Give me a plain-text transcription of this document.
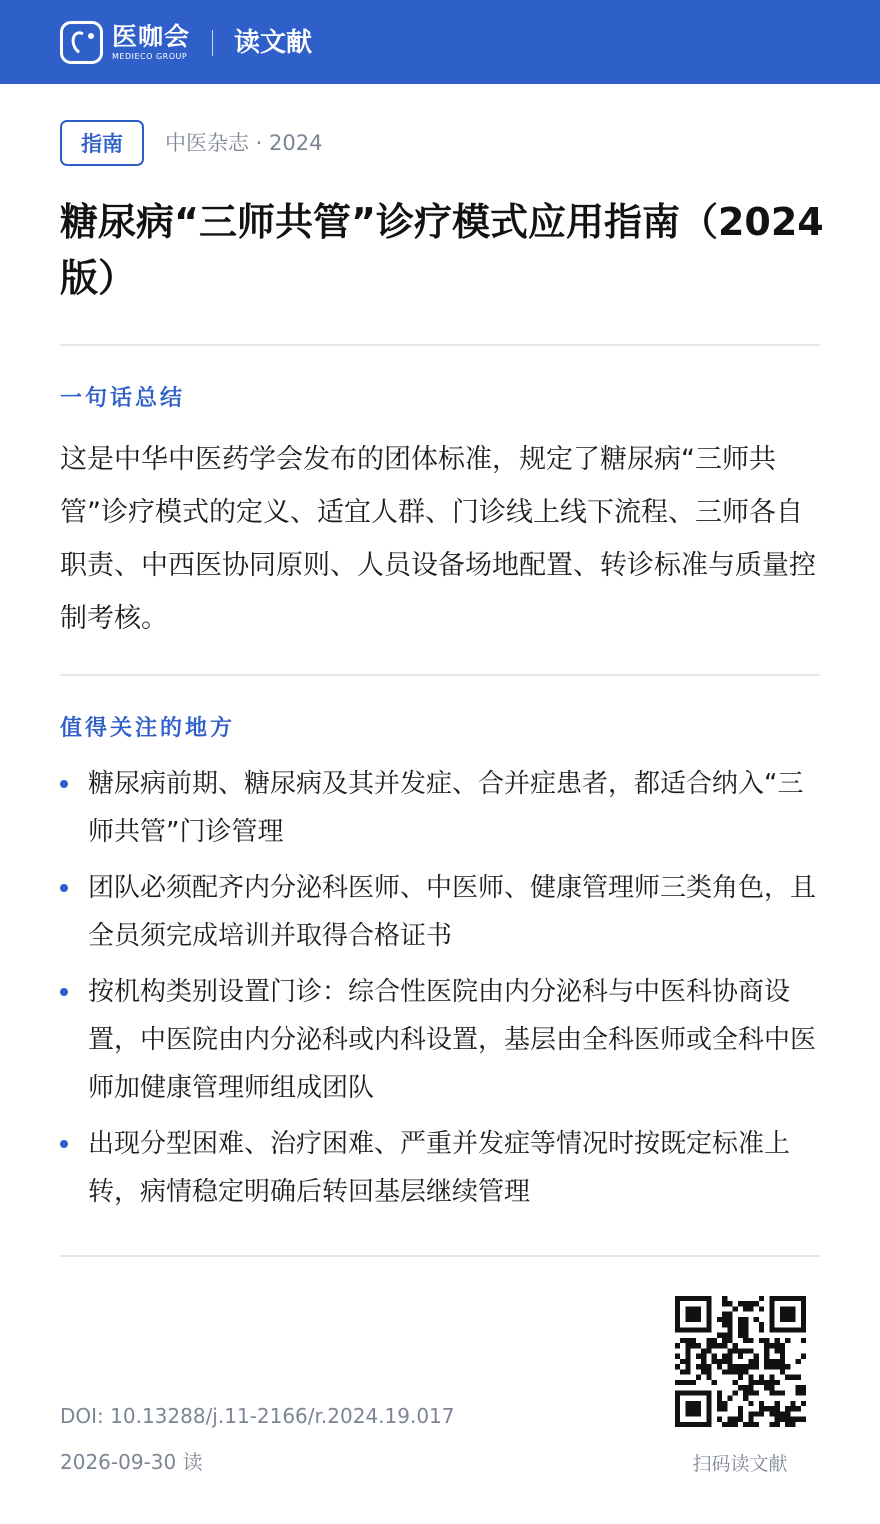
医咖会
MEDIECO GROUP 读文献
指南	中医杂志 · 2024
糖尿病“三师共管”诊疗模式应用指南（2024版）
一句话总结

这是中华中医药学会发布的团体标准，规定了糖尿病“三师共管”诊疗模式的定义、适宜人群、门诊线上线下流程、三师各自职责、中西医协同原则、人员设备场地配置、转诊标准与质量控制考核。

值得关注的地方
糖尿病前期、糖尿病及其并发症、合并症患者，都适合纳入“三师共管”门诊管理
团队必须配齐内分泌科医师、中医师、健康管理师三类角色，且全员须完成培训并取得合格证书
按机构类别设置门诊：综合性医院由内分泌科与中医科协商设置，中医院由内分泌科或内科设置，基层由全科医师或全科中医师加健康管理师组成团队
出现分型困难、治疗困难、严重并发症等情况时按既定标准上转，病情稳定明确后转回基层继续管理
DOI: 10.13288/j.11-2166/r.2024.19.017
2026-09-30 读	扫码读文献
